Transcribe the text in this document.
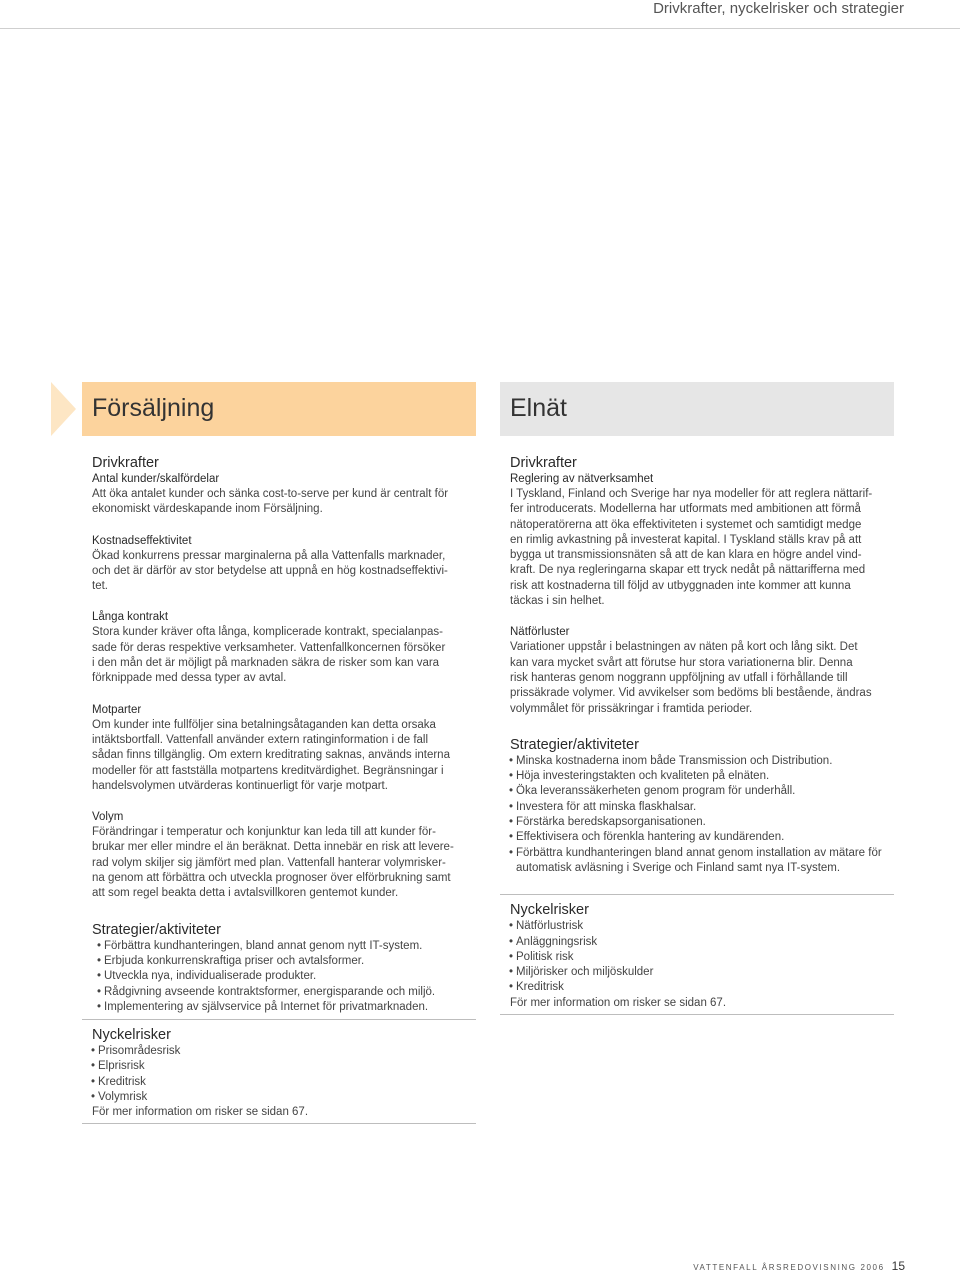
Drivkrafter, nyckelrisker och strategier
Försäljning
Drivkrafter
Antal kunder/skalfördelar

Att öka antalet kunder och sänka cost-to-serve per kund är centralt för

ekonomiskt värdeskapande inom Försäljning.

Kostnadseffektivitet

Ökad konkurrens pressar marginalerna på alla Vattenfalls marknader,

och det är därför av stor betydelse att uppnå en hög kostnadseffektivi-

tet.

Långa kontrakt

Stora kunder kräver ofta långa, komplicerade kontrakt, specialanpas-

sade för deras respektive verksamheter. Vattenfallkoncernen försöker

i den mån det är möjligt på marknaden säkra de risker som kan vara

förknippade med dessa typer av avtal.

Motparter

Om kunder inte fullföljer sina betalningsåtaganden kan detta orsaka

intäktsbortfall. Vattenfall använder extern ratinginformation i de fall

sådan finns tillgänglig. Om extern kreditrating saknas, används interna

modeller för att fastställa motpartens kreditvärdighet. Begränsningar i

handelsvolymen utvärderas kontinuerligt för varje motpart.

Volym

Förändringar i temperatur och konjunktur kan leda till att kunder för-

brukar mer eller mindre el än beräknat. Detta innebär en risk att levere-

rad volym skiljer sig jämfört med plan. Vattenfall hanterar volymrisker-

na genom att förbättra och utveckla prognoser över elförbrukning samt

att som regel beakta detta i avtalsvillkoren gentemot kunder.

Strategier/aktiviteter
• Förbättra kundhanteringen, bland annat genom nytt IT-system.
• Erbjuda konkurrenskraftiga priser och avtalsformer.
• Utveckla nya, individualiserade produkter.
• Rådgivning avseende kontraktsformer, energisparande och miljö.
• Implementering av självservice på Internet för privatmarknaden.
Nyckelrisker
• Prisområdesrisk
• Elprisrisk
• Kreditrisk
• Volymrisk

För mer information om risker se sidan 67.

Elnät
Drivkrafter
Reglering av nätverksamhet

I Tyskland, Finland och Sverige har nya modeller för att reglera nättarif-

fer introducerats. Modellerna har utformats med ambitionen att förmå

nätoperatörerna att öka effektiviteten i systemet och samtidigt medge

en rimlig avkastning på investerat kapital. I Tyskland ställs krav på att

bygga ut transmissionsnäten så att de kan klara en högre andel vind-

kraft. De nya regleringarna skapar ett tryck nedåt på nättarifferna med

risk att kostnaderna till följd av utbyggnaden inte kommer att kunna

täckas i sin helhet.

Nätförluster

Variationer uppstår i belastningen av näten på kort och lång sikt. Det

kan vara mycket svårt att förutse hur stora variationerna blir. Denna

risk hanteras genom noggrann uppföljning av utfall i förhållande till

prissäkrade volymer. Vid avvikelser som bedöms bli bestående, ändras

volymmålet för prissäkringar i framtida perioder.

Strategier/aktiviteter
• Minska kostnaderna inom både Transmission och Distribution.
• Höja investeringstakten och kvaliteten på elnäten.
• Öka leveranssäkerheten genom program för underhåll.
• Investera för att minska flaskhalsar.
• Förstärka beredskapsorganisationen.
• Effektivisera och förenkla hantering av kundärenden.
• Förbättra kundhanteringen bland annat genom installation av mätare för automatisk avläsning i Sverige och Finland samt nya IT-system.
Nyckelrisker
• Nätförlustrisk
• Anläggningsrisk
• Politisk risk
• Miljörisker och miljöskulder
• Kreditrisk

För mer information om risker se sidan 67.

VATTENFALL ÅRSREDOVISNING 2006 15
